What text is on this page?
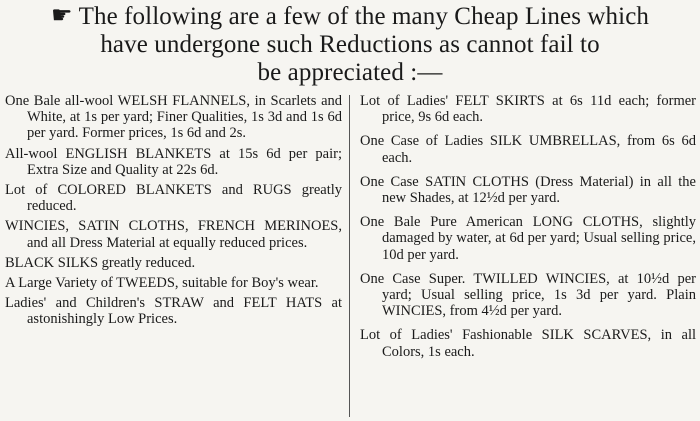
☛ The following are a few of the many Cheap Lines which
have undergone such Reductions as cannot fail to
be appreciated :—

One Bale all-wool WELSH FLANNELS, in Scarlets and White, at 1s per yard; Finer Qualities, 1s 3d and 1s 6d per yard. Former prices, 1s 6d and 2s.

All-wool ENGLISH BLANKETS at 15s 6d per pair; Extra Size and Quality at 22s 6d.

Lot of COLORED BLANKETS and RUGS greatly reduced.

WINCIES, SATIN CLOTHS, FRENCH MERINOES, and all Dress Material at equally reduced prices.

BLACK SILKS greatly reduced.

A Large Variety of TWEEDS, suitable for Boy's wear.

Ladies' and Children's STRAW and FELT HATS at astonishingly Low Prices.

Lot of Ladies' FELT SKIRTS at 6s 11d each; former price, 9s 6d each.

One Case of Ladies SILK UMBRELLAS, from 6s 6d each.

One Case SATIN CLOTHS (Dress Material) in all the new Shades, at 12½d per yard.

One Bale Pure American LONG CLOTHS, slightly damaged by water, at 6d per yard; Usual selling price, 10d per yard.

One Case Super. TWILLED WINCIES, at 10½d per yard; Usual selling price, 1s 3d per yard. Plain WINCIES, from 4½d per yard.

Lot of Ladies' Fashionable SILK SCARVES, in all Colors, 1s each.
